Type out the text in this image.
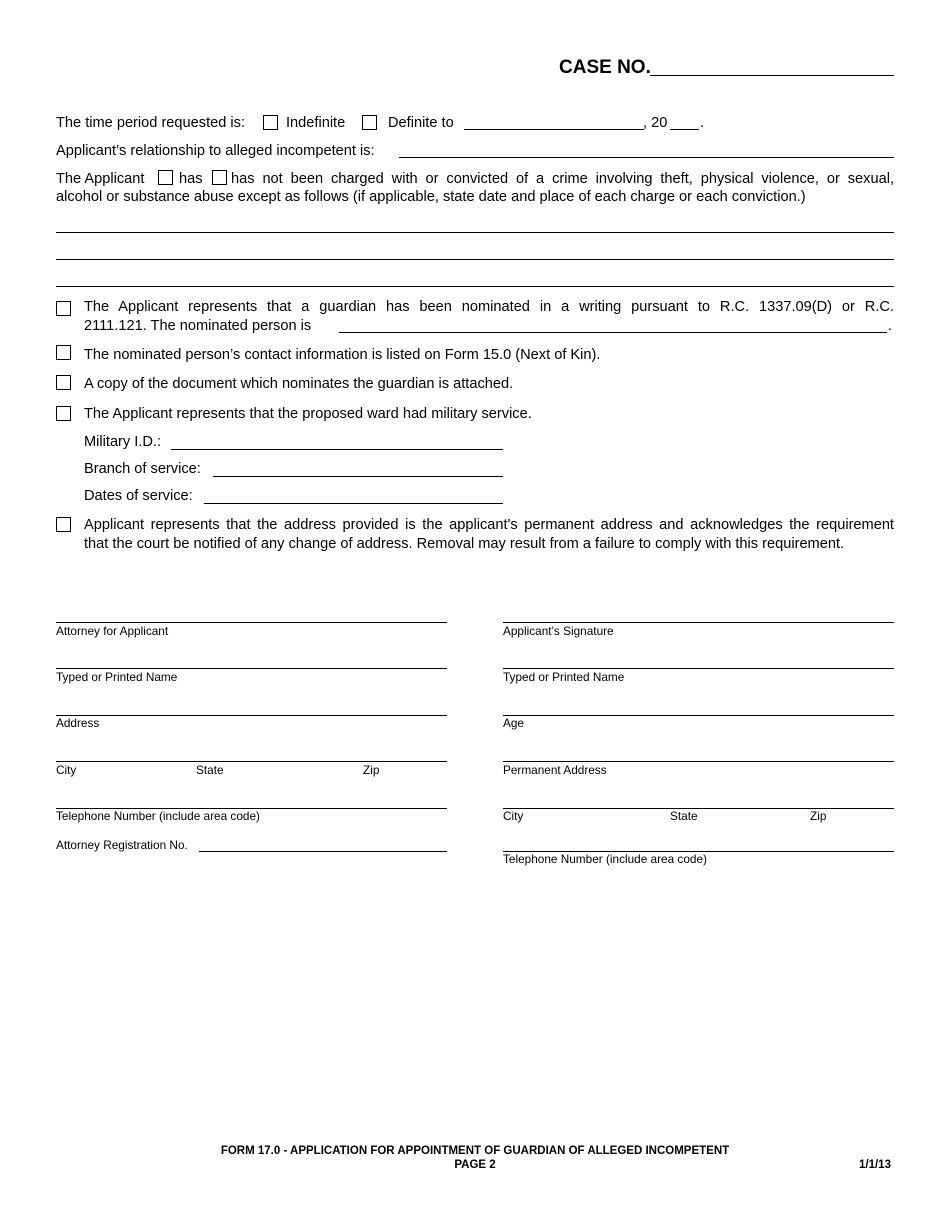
CASE NO.
The time period requested is:	Indefinite	Definite to	, 20 .
Applicant’s relationship to alleged incompetent is:
The Applicant has has not been charged with or convicted of a crime involving theft, physical violence, or sexual,
alcohol or substance abuse except as follows (if applicable, state date and place of each charge or each conviction.)
The Applicant represents that a guardian has been nominated in a writing pursuant to R.C. 1337.09(D) or R.C.
2111.121. The nominated person is	.
The nominated person’s contact information is listed on Form 15.0 (Next of Kin).
A copy of the document which nominates the guardian is attached.
The Applicant represents that the proposed ward had military service.
Military I.D.:
Branch of service:
Dates of service:
Applicant represents that the address provided is the applicant's permanent address and acknowledges the requirement
that the court be notified of any change of address. Removal may result from a failure to comply with this requirement.
Attorney for Applicant
Typed or Printed Name
Address
City	State	Zip
Telephone Number (include area code)
Attorney Registration No.
Applicant’s Signature
Typed or Printed Name
Age
Permanent Address
City	State	Zip
Telephone Number (include area code)
FORM 17.0 - APPLICATION FOR APPOINTMENT OF GUARDIAN OF ALLEGED INCOMPETENT
PAGE 2	1/1/13
